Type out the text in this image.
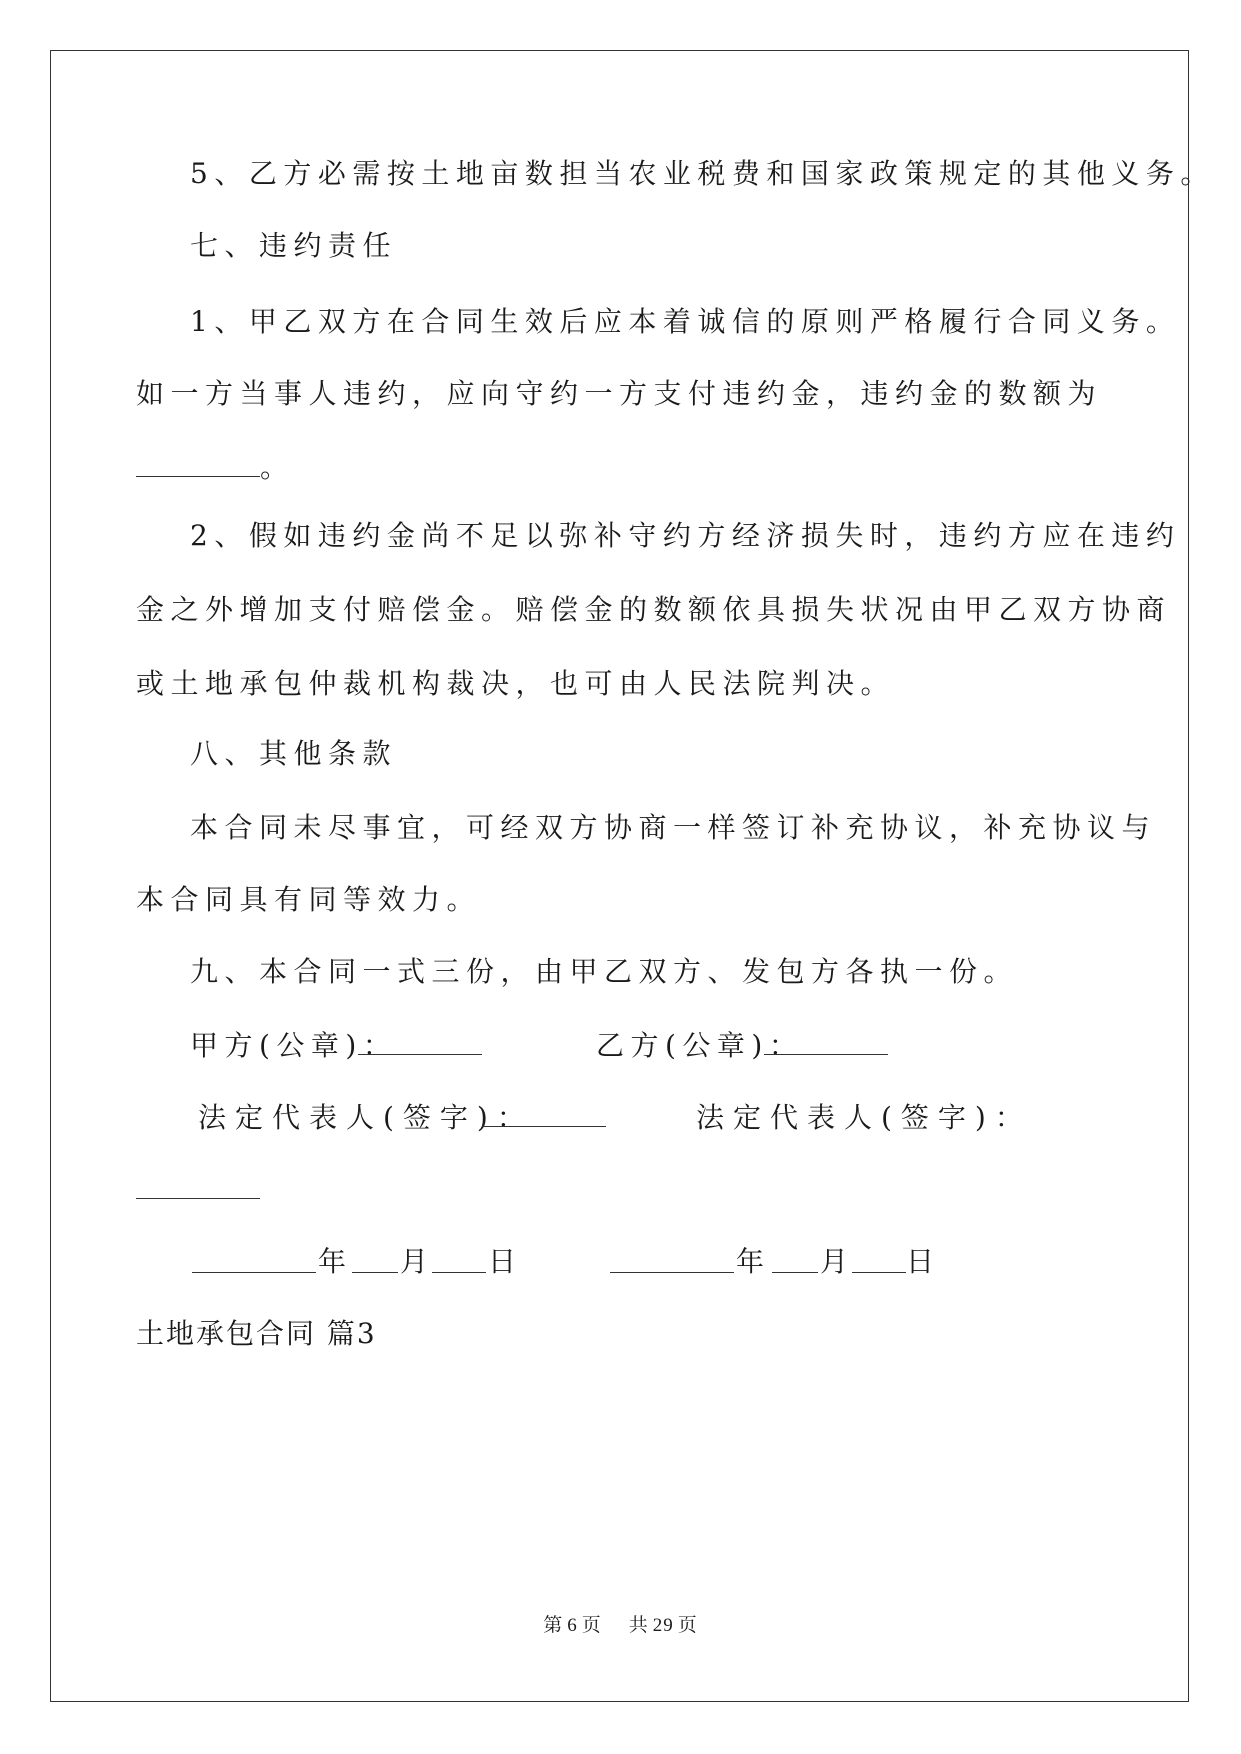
5、乙方必需按土地亩数担当农业税费和国家政策规定的其他义务。
七、违约责任
1、甲乙双方在合同生效后应本着诚信的原则严格履行合同义务。
如一方当事人违约，应向守约一方支付违约金，违约金的数额为
。
2、假如违约金尚不足以弥补守约方经济损失时，违约方应在违约
金之外增加支付赔偿金。赔偿金的数额依具损失状况由甲乙双方协商
或土地承包仲裁机构裁决，也可由人民法院判决。
八、其他条款
本合同未尽事宜，可经双方协商一样签订补充协议，补充协议与
本合同具有同等效力。
九、本合同一式三份，由甲乙双方、发包方各执一份。
甲方(公章)：	乙方(公章)：
法定代表人(签字)：	法定代表人(签字)：
年 月 日	年 月 日
土地承包合同 篇3
第 6 页 共 29 页
